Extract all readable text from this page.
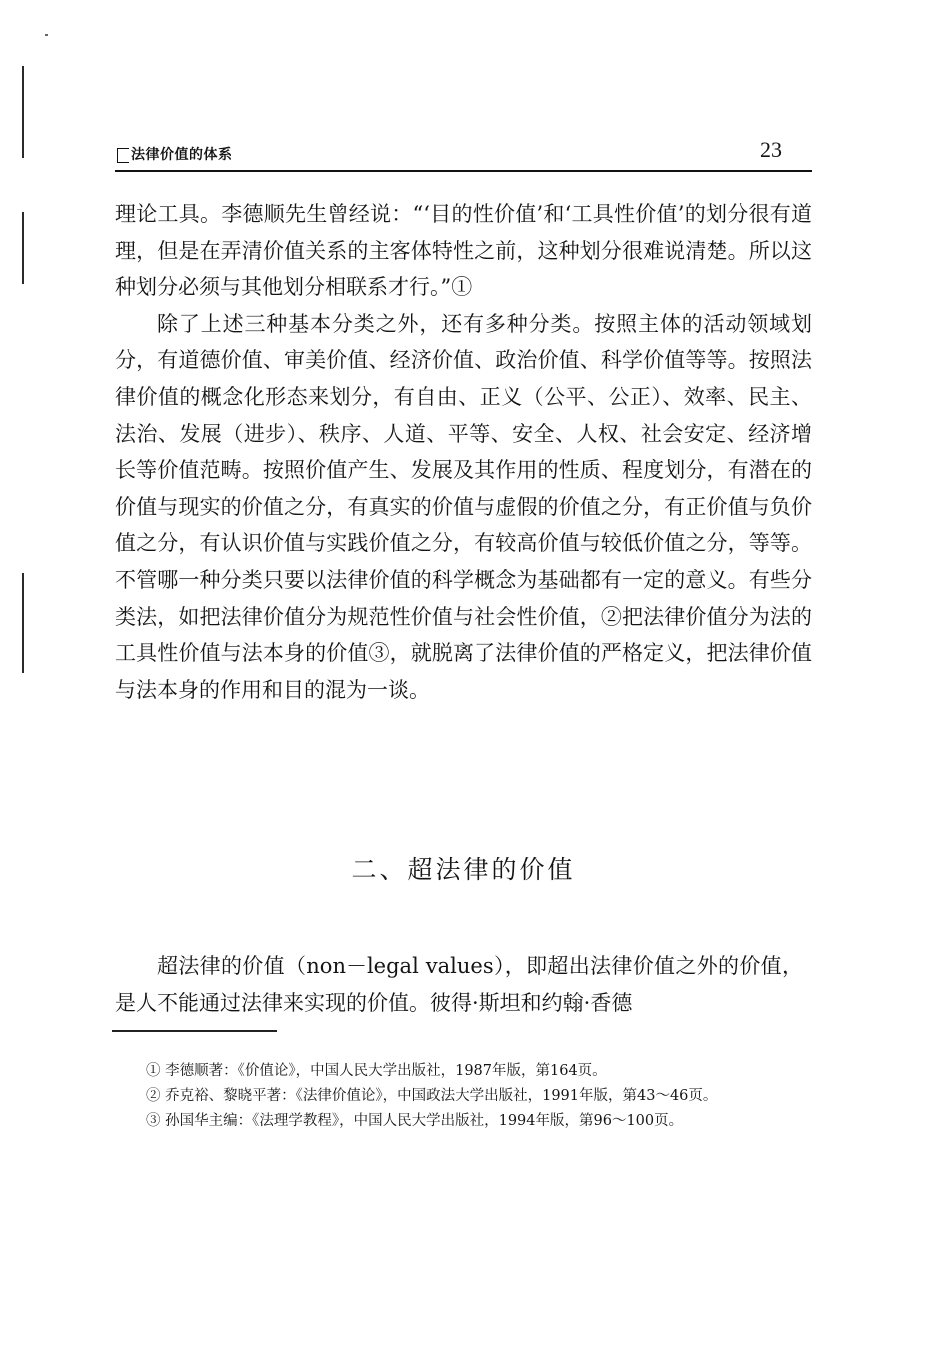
法律价值的体系	23

理论工具。李德顺先生曾经说：“‘目的性价值’和‘工具性价值’的划分很有道理，但是在弄清价值关系的主客体特性之前，这种划分很难说清楚。所以这种划分必须与其他划分相联系才行。”①

除了上述三种基本分类之外，还有多种分类。按照主体的活动领域划分，有道德价值、审美价值、经济价值、政治价值、科学价值等等。按照法律价值的概念化形态来划分，有自由、正义（公平、公正）、效率、民主、法治、发展（进步）、秩序、人道、平等、安全、人权、社会安定、经济增长等价值范畴。按照价值产生、发展及其作用的性质、程度划分，有潜在的价值与现实的价值之分，有真实的价值与虚假的价值之分，有正价值与负价值之分，有认识价值与实践价值之分，有较高价值与较低价值之分，等等。不管哪一种分类只要以法律价值的科学概念为基础都有一定的意义。有些分类法，如把法律价值分为规范性价值与社会性价值，②把法律价值分为法的工具性价值与法本身的价值③，就脱离了法律价值的严格定义，把法律价值与法本身的作用和目的混为一谈。

二、超法律的价值

超法律的价值（non－legal values），即超出法律价值之外的价值，是人不能通过法律来实现的价值。彼得·斯坦和约翰·香德

① 李德顺著：《价值论》，中国人民大学出版社，1987年版，第164页。

② 乔克裕、黎晓平著：《法律价值论》，中国政法大学出版社，1991年版，第43～46页。

③ 孙国华主编：《法理学教程》，中国人民大学出版社，1994年版，第96～100页。
